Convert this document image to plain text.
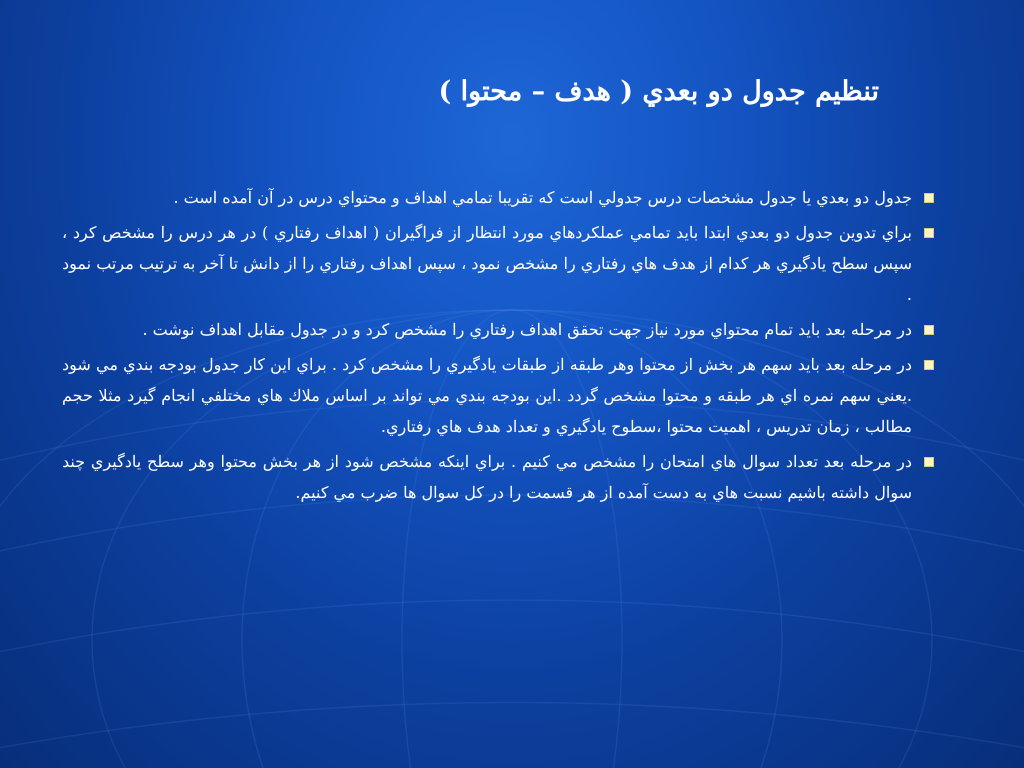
تنظيم جدول دو بعدي ( هدف – محتوا )
جدول دو بعدي يا جدول مشخصات درس جدولي است كه تقريبا تمامي اهداف و محتواي درس در آن آمده است .
براي تدوين جدول دو بعدي ابتدا بايد تمامي عملكردهاي مورد انتظار از فراگيران ( اهداف رفتاري ) در هر درس را مشخص كرد ، سپس سطح يادگيري هر كدام از هدف هاي رفتاري را مشخص نمود ، سپس اهداف رفتاري را از دانش تا آخر به ترتيب مرتب نمود .
در مرحله بعد بايد تمام محتواي مورد نياز جهت تحقق اهداف رفتاري را مشخص كرد و در جدول مقابل اهداف نوشت .
در مرحله بعد بايد سهم هر بخش از محتوا وهر طبقه از طبقات يادگيري را مشخص كرد . براي اين كار جدول بودجه بندي مي شود .يعني سهم نمره اي هر طبقه و محتوا مشخص گردد .اين بودجه بندي مي تواند بر اساس ملاك هاي مختلفي انجام گيرد مثلا حجم مطالب ، زمان تدريس ، اهميت محتوا ،سطوح يادگيري و تعداد هدف هاي رفتاري.
در مرحله بعد تعداد سوال هاي امتحان را مشخص مي كنيم . براي اينكه مشخص شود از هر بخش محتوا وهر سطح يادگيري چند سوال داشته باشيم نسبت هاي به دست آمده از هر قسمت را در كل سوال ها ضرب مي كنيم.
